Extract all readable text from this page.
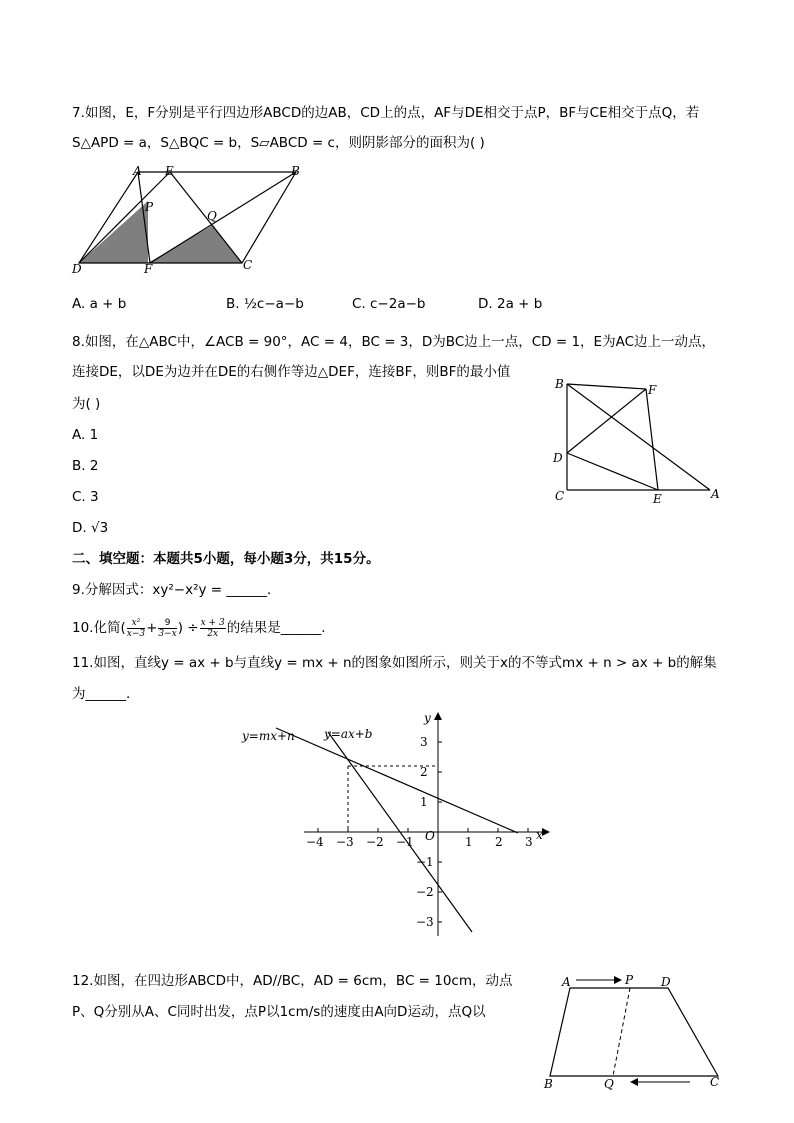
7.如图，E，F分别是平行四边形ABCD的边AB，CD上的点，AF与DE相交于点P，BF与CE相交于点Q，若
S△APD = a，S△BQC = b，S▱ABCD = c，则阴影部分的面积为( )
A E	B
P
Q
D	F	C
A. a + b	B. ½c−a−b	C. c−2a−b	D. 2a + b
8.如图，在△ABC中，∠ACB = 90°，AC = 4，BC = 3，D为BC边上一点，CD = 1，E为AC边上一动点，
连接DE，以DE为边并在DE的右侧作等边△DEF，连接BF，则BF的最小值
为( )
A. 1
B. 2
C. 3
D. √3
B	F
D
C	E	A
二、填空题：本题共5小题，每小题3分，共15分。
9.分解因式：xy²−x²y = ______.
10.化简( $\frac{\text{x²}}{x-3} + \frac{9}{3-x}$ ) ÷ $\frac{x + 3}{2x}$ 的结果是______.
11.如图，直线y = ax + b与直线y = mx + n的图象如图所示，则关于x的不等式mx + n > ax + b的解集
为______.
y=mx+n y=ax+b
x
y
O
−4 −3 −2 −1	1 2 3
3
2
1
−1
−2
−3
12.如图，在四边形ABCD中，AD//BC，AD = 6cm，BC = 10cm，动点
P、Q分别从A、C同时出发，点P以1cm/s的速度由A向D运动，点Q以
A	P D
B	Q	C
